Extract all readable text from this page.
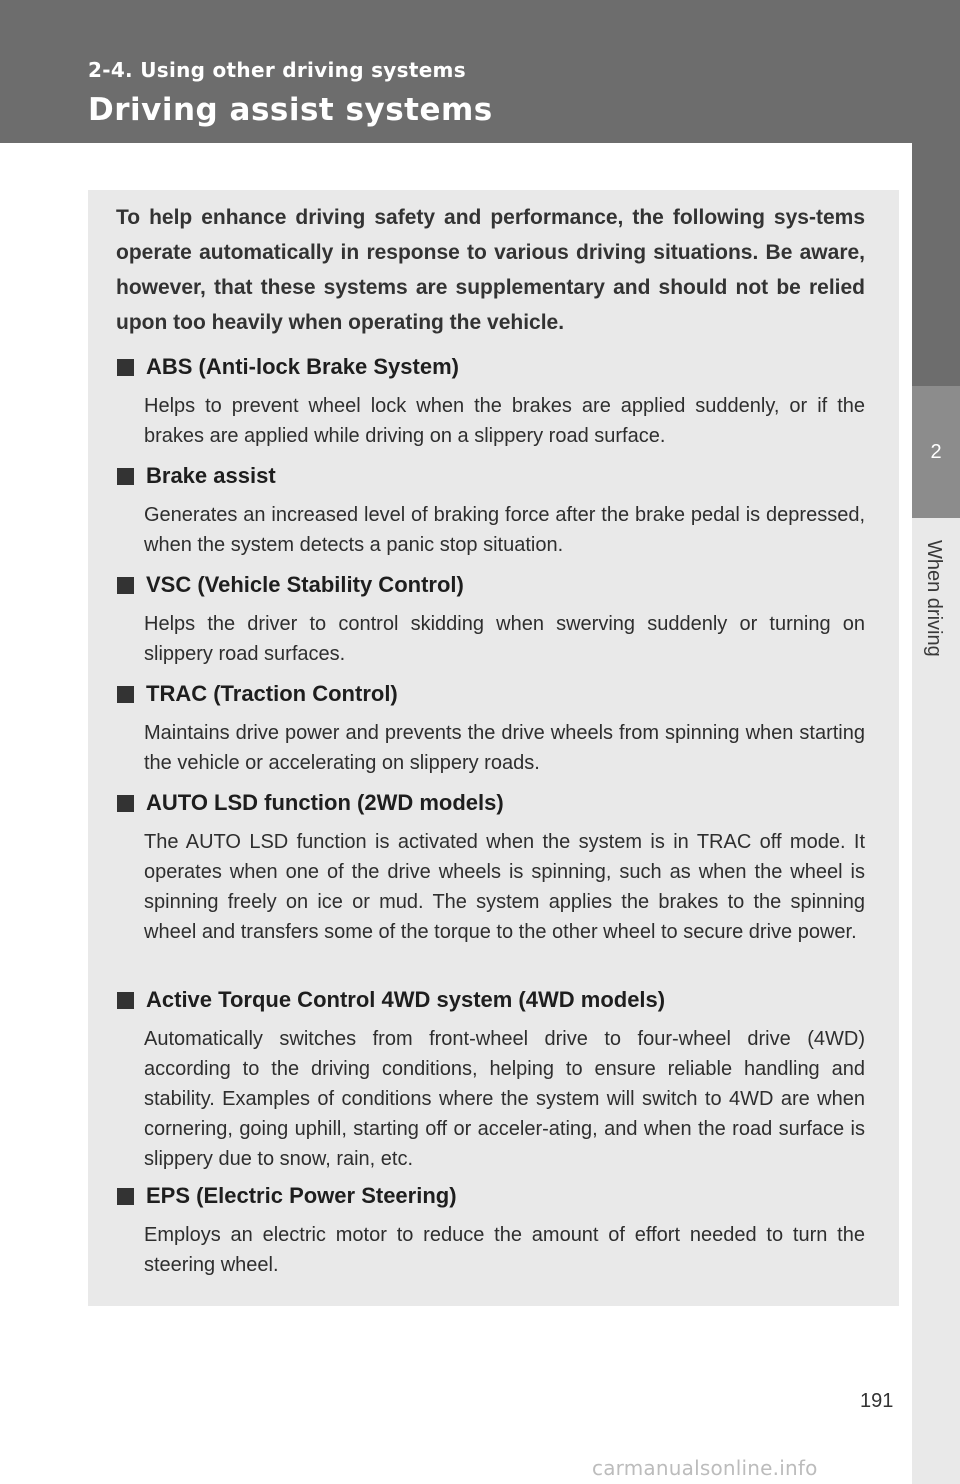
2-4. Using other driving systems
Driving assist systems
2
When driving
To help enhance driving safety and performance, the following sys-tems operate automatically in response to various driving situations. Be aware, however, that these systems are supplementary and should not be relied upon too heavily when operating the vehicle.
ABS (Anti-lock Brake System)
Helps to prevent wheel lock when the brakes are applied suddenly, or if the brakes are applied while driving on a slippery road surface.
Brake assist
Generates an increased level of braking force after the brake pedal is depressed, when the system detects a panic stop situation.
VSC (Vehicle Stability Control)
Helps the driver to control skidding when swerving suddenly or turning on slippery road surfaces.
TRAC (Traction Control)
Maintains drive power and prevents the drive wheels from spinning when starting the vehicle or accelerating on slippery roads.
AUTO LSD function (2WD models)
The AUTO LSD function is activated when the system is in TRAC off mode. It operates when one of the drive wheels is spinning, such as when the wheel is spinning freely on ice or mud. The system applies the brakes to the spinning wheel and transfers some of the torque to the other wheel to secure drive power.
Active Torque Control 4WD system (4WD models)
Automatically switches from front-wheel drive to four-wheel drive (4WD) according to the driving conditions, helping to ensure reliable handling and stability. Examples of conditions where the system will switch to 4WD are when cornering, going uphill, starting off or acceler-ating, and when the road surface is slippery due to snow, rain, etc.
EPS (Electric Power Steering)
Employs an electric motor to reduce the amount of effort needed to turn the steering wheel.
191
carmanualsonline.info
